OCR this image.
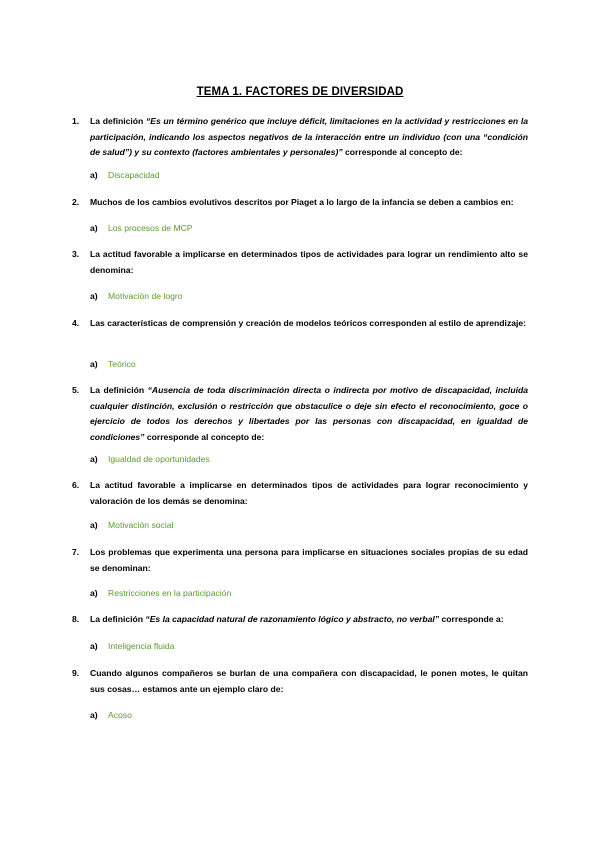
TEMA 1. FACTORES DE DIVERSIDAD
1.	La definición “Es un término genérico que incluye déficit, limitaciones en la actividad y restricciones en la participación, indicando los aspectos negativos de la interacción entre un individuo (con una “condición de salud”) y su contexto (factores ambientales y personales)” corresponde al concepto de:
a) Discapacidad
2.	Muchos de los cambios evolutivos descritos por Piaget a lo largo de la infancia se deben a cambios en:
a) Los procesos de MCP
3.	La actitud favorable a implicarse en determinados tipos de actividades para lograr un rendimiento alto se denomina:
a) Motivación de logro
4.	Las características de comprensión y creación de modelos teóricos corresponden al estilo de aprendizaje:
a) Teórico
5.	La definición “Ausencia de toda discriminación directa o indirecta por motivo de discapacidad, incluida cualquier distinción, exclusión o restricción que obstaculice o deje sin efecto el reconocimiento, goce o ejercicio de todos los derechos y libertades por las personas con discapacidad, en igualdad de condiciones” corresponde al concepto de:
a) Igualdad de oportunidades
6.	La actitud favorable a implicarse en determinados tipos de actividades para lograr reconocimiento y valoración de los demás se denomina:
a) Motivación social
7.	Los problemas que experimenta una persona para implicarse en situaciones sociales propias de su edad se denominan:
a) Restricciones en la participación
8.	La definición “Es la capacidad natural de razonamiento lógico y abstracto, no verbal” corresponde a:
a) Inteligencia fluida
9.	Cuando algunos compañeros se burlan de una compañera con discapacidad, le ponen motes, le quitan sus cosas… estamos ante un ejemplo claro de:
a) Acoso
